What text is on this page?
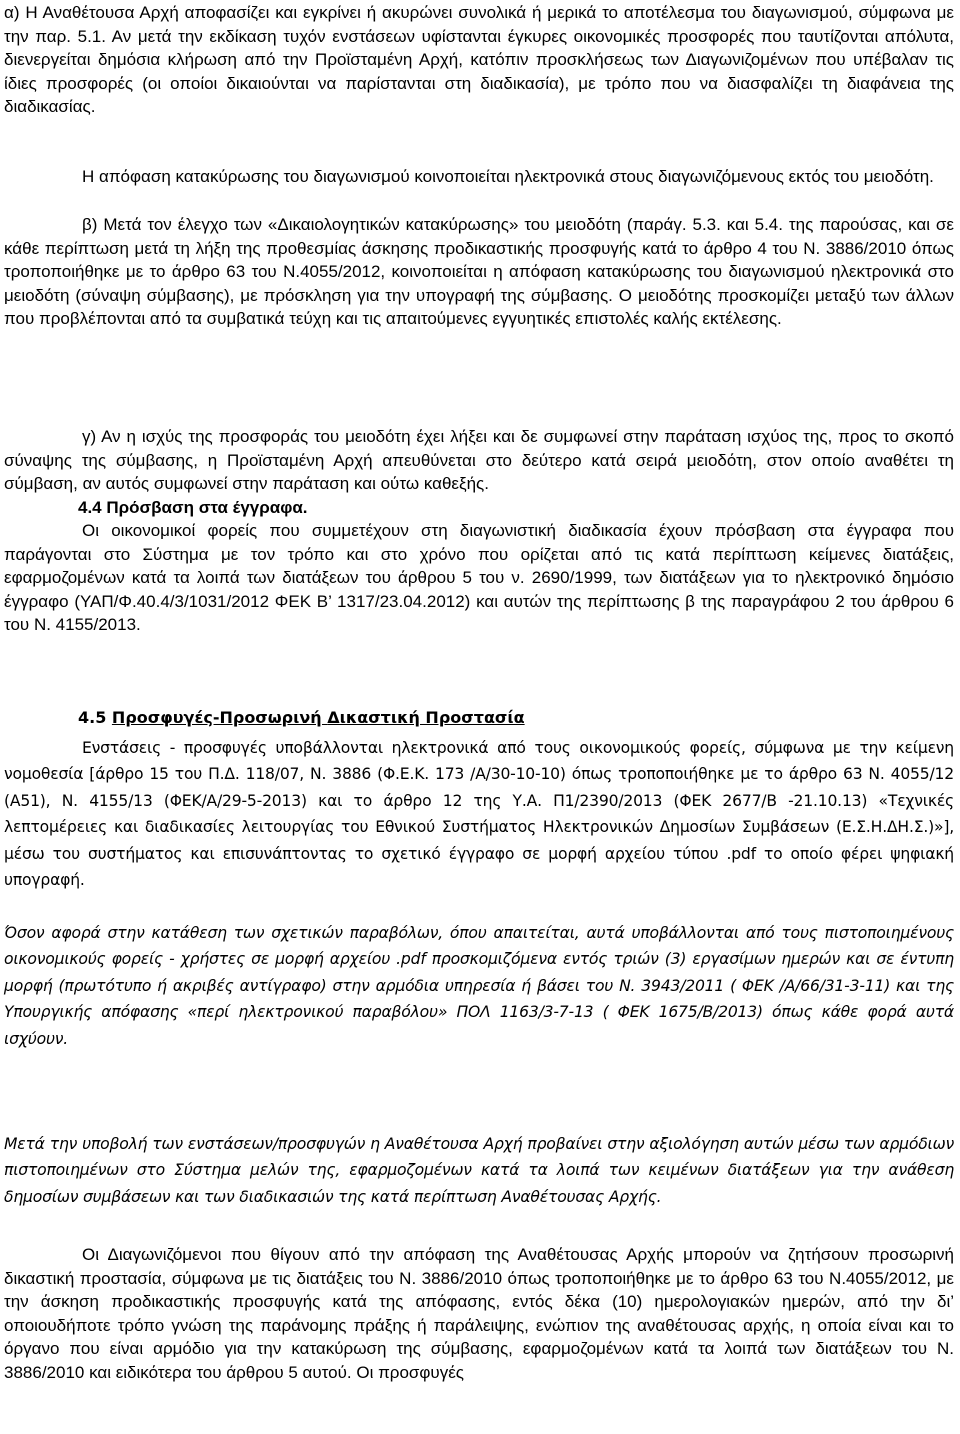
α) Η Αναθέτουσα Αρχή αποφασίζει και εγκρίνει ή ακυρώνει συνολικά ή μερικά το αποτέλεσμα του διαγωνισμού, σύμφωνα με την παρ. 5.1. Αν μετά την εκδίκαση τυχόν ενστάσεων υφίστανται έγκυρες οικονομικές προσφορές που ταυτίζονται απόλυτα, διενεργείται δημόσια κλήρωση από την Προϊσταμένη Αρχή, κατόπιν προσκλήσεως των Διαγωνιζομένων που υπέβαλαν τις ίδιες προσφορές (οι οποίοι δικαιούνται να παρίστανται στη διαδικασία), με τρόπο που να διασφαλίζει τη διαφάνεια της διαδικασίας.

Η απόφαση κατακύρωσης του διαγωνισμού κοινοποιείται ηλεκτρονικά στους διαγωνιζόμενους εκτός του μειοδότη.

β) Μετά τον έλεγχο των «Δικαιολογητικών κατακύρωσης» του μειοδότη (παράγ. 5.3. και 5.4. της παρούσας, και σε κάθε περίπτωση μετά τη λήξη της προθεσμίας άσκησης προδικαστικής προσφυγής κατά το άρθρο 4 του Ν. 3886/2010 όπως τροποποιήθηκε με το άρθρο 63 του Ν.4055/2012, κοινοποιείται η απόφαση κατακύρωσης του διαγωνισμού ηλεκτρονικά στο μειοδότη (σύναψη σύμβασης), με πρόσκληση για την υπογραφή της σύμβασης. Ο μειοδότης προσκομίζει μεταξύ των άλλων που προβλέπονται από τα συμβατικά τεύχη και τις απαιτούμενες εγγυητικές επιστολές καλής εκτέλεσης.

γ) Αν η ισχύς της προσφοράς του μειοδότη έχει λήξει και δε συμφωνεί στην παράταση ισχύος της, προς το σκοπό σύναψης της σύμβασης, η Προϊσταμένη Αρχή απευθύνεται στο δεύτερο κατά σειρά μειοδότη, στον οποίο αναθέτει τη σύμβαση, αν αυτός συμφωνεί στην παράταση και ούτω καθεξής.

4.4 Πρόσβαση στα έγγραφα.

Οι οικονομικοί φορείς που συμμετέχουν στη διαγωνιστική διαδικασία έχουν πρόσβαση στα έγγραφα που παράγονται στο Σύστημα με τον τρόπο και στο χρόνο που ορίζεται από τις κατά περίπτωση κείμενες διατάξεις, εφαρμοζομένων κατά τα λοιπά των διατάξεων του άρθρου 5 του ν. 2690/1999, των διατάξεων για το ηλεκτρονικό δημόσιο έγγραφο (ΥΑΠ/Φ.40.4/3/1031/2012 ΦΕΚ Β’ 1317/23.04.2012) και αυτών της περίπτωσης β της παραγράφου 2 του άρθρου 6 του Ν. 4155/2013.

4.5 Προσφυγές-Προσωρινή Δικαστική Προστασία

Ενστάσεις - προσφυγές υποβάλλονται ηλεκτρονικά από τους οικονομικούς φορείς, σύμφωνα με την κείμενη νομοθεσία [άρθρο 15 του Π.Δ. 118/07, Ν. 3886 (Φ.Ε.Κ. 173 /Α/30-10-10) όπως τροποποιήθηκε με το άρθρο 63 Ν. 4055/12 (Α51), Ν. 4155/13 (ΦΕΚ/Α/29-5-2013) και το άρθρο 12 της Υ.Α. Π1/2390/2013 (ΦΕΚ 2677/Β -21.10.13) «Τεχνικές λεπτομέρειες και διαδικασίες λειτουργίας του Εθνικού Συστήματος Ηλεκτρονικών Δημοσίων Συμβάσεων (Ε.Σ.Η.ΔΗ.Σ.)»], μέσω του συστήματος και επισυνάπτοντας το σχετικό έγγραφο σε μορφή αρχείου τύπου .pdf το οποίο φέρει ψηφιακή υπογραφή.

Όσον αφορά στην κατάθεση των σχετικών παραβόλων, όπου απαιτείται, αυτά υποβάλλονται από τους πιστοποιημένους οικονομικούς φορείς - χρήστες σε μορφή αρχείου .pdf προσκομιζόμενα εντός τριών (3) εργασίμων ημερών και σε έντυπη μορφή (πρωτότυπο ή ακριβές αντίγραφο) στην αρμόδια υπηρεσία ή βάσει του Ν. 3943/2011 ( ΦΕΚ /Α/66/31-3-11) και της Υπουργικής απόφασης «περί ηλεκτρονικού παραβόλου» ΠΟΛ 1163/3-7-13 ( ΦΕΚ 1675/Β/2013) όπως κάθε φορά αυτά ισχύουν.

Μετά την υποβολή των ενστάσεων/προσφυγών η Αναθέτουσα Αρχή προβαίνει στην αξιολόγηση αυτών μέσω των αρμόδιων πιστοποιημένων στο Σύστημα μελών της, εφαρμοζομένων κατά τα λοιπά των κειμένων διατάξεων για την ανάθεση δημοσίων συμβάσεων και των διαδικασιών της κατά περίπτωση Αναθέτουσας Αρχής.

Οι Διαγωνιζόμενοι που θίγουν από την απόφαση της Αναθέτουσας Αρχής μπορούν να ζητήσουν προσωρινή δικαστική προστασία, σύμφωνα με τις διατάξεις του Ν. 3886/2010 όπως τροποποιήθηκε με το άρθρο 63 του Ν.4055/2012, με την άσκηση προδικαστικής προσφυγής κατά της απόφασης, εντός δέκα (10) ημερολογιακών ημερών, από την δι’ οποιουδήποτε τρόπο γνώση της παράνομης πράξης ή παράλειψης, ενώπιον της αναθέτουσας αρχής, η οποία είναι και το όργανο που είναι αρμόδιο για την κατακύρωση της σύμβασης, εφαρμοζομένων κατά τα λοιπά των διατάξεων του Ν. 3886/2010 και ειδικότερα του άρθρου 5 αυτού. Οι προσφυγές
